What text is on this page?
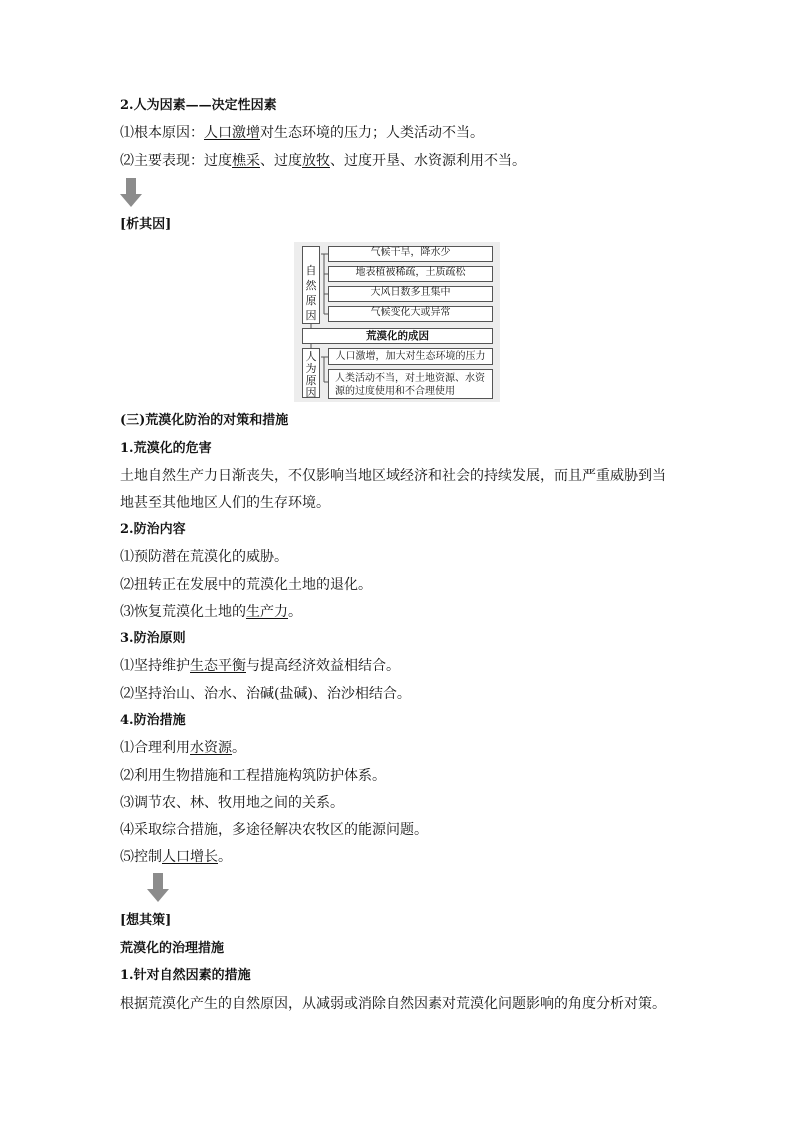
2.人为因素——决定性因素
⑴根本原因：人口激增对生态环境的压力；人类活动不当。
⑵主要表现：过度樵采、过度放牧、过度开垦、水资源利用不当。
[析其因]
自然原因
气候干旱，降水少
地表植被稀疏，土质疏松
大风日数多且集中
气候变化大或异常
荒漠化的成因
人为原因
人口激增，加大对生态环境的压力
人类活动不当，对土地资源、水资源的过度使用和不合理使用
(三)荒漠化防治的对策和措施
1.荒漠化的危害
土地自然生产力日渐丧失，不仅影响当地区域经济和社会的持续发展，而且严重威胁到当
地甚至其他地区人们的生存环境。
2.防治内容
⑴预防潜在荒漠化的威胁。
⑵扭转正在发展中的荒漠化土地的退化。
⑶恢复荒漠化土地的生产力。
3.防治原则
⑴坚持维护生态平衡与提高经济效益相结合。
⑵坚持治山、治水、治碱(盐碱)、治沙相结合。
4.防治措施
⑴合理利用水资源。
⑵利用生物措施和工程措施构筑防护体系。
⑶调节农、林、牧用地之间的关系。
⑷采取综合措施，多途径解决农牧区的能源问题。
⑸控制人口增长。
[想其策]
荒漠化的治理措施
1.针对自然因素的措施
根据荒漠化产生的自然原因，从减弱或消除自然因素对荒漠化问题影响的角度分析对策。
